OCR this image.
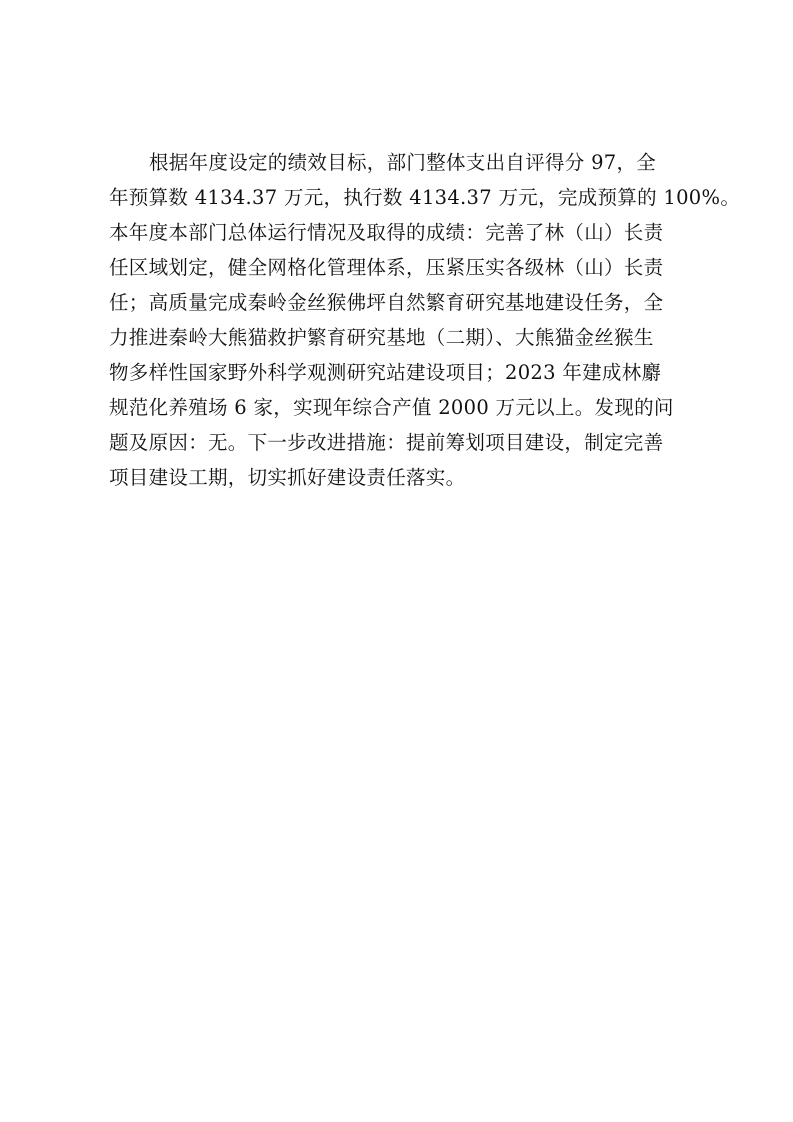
根据年度设定的绩效目标，部门整体支出自评得分 97，全
年预算数 4134.37 万元，执行数 4134.37 万元，完成预算的 100%。
本年度本部门总体运行情况及取得的成绩：完善了林（山）长责
任区域划定，健全网格化管理体系，压紧压实各级林（山）长责
任；高质量完成秦岭金丝猴佛坪自然繁育研究基地建设任务，全
力推进秦岭大熊猫救护繁育研究基地（二期）、大熊猫金丝猴生
物多样性国家野外科学观测研究站建设项目；2023 年建成林麝
规范化养殖场 6 家，实现年综合产值 2000 万元以上。发现的问
题及原因：无。下一步改进措施：提前筹划项目建设，制定完善
项目建设工期，切实抓好建设责任落实。
